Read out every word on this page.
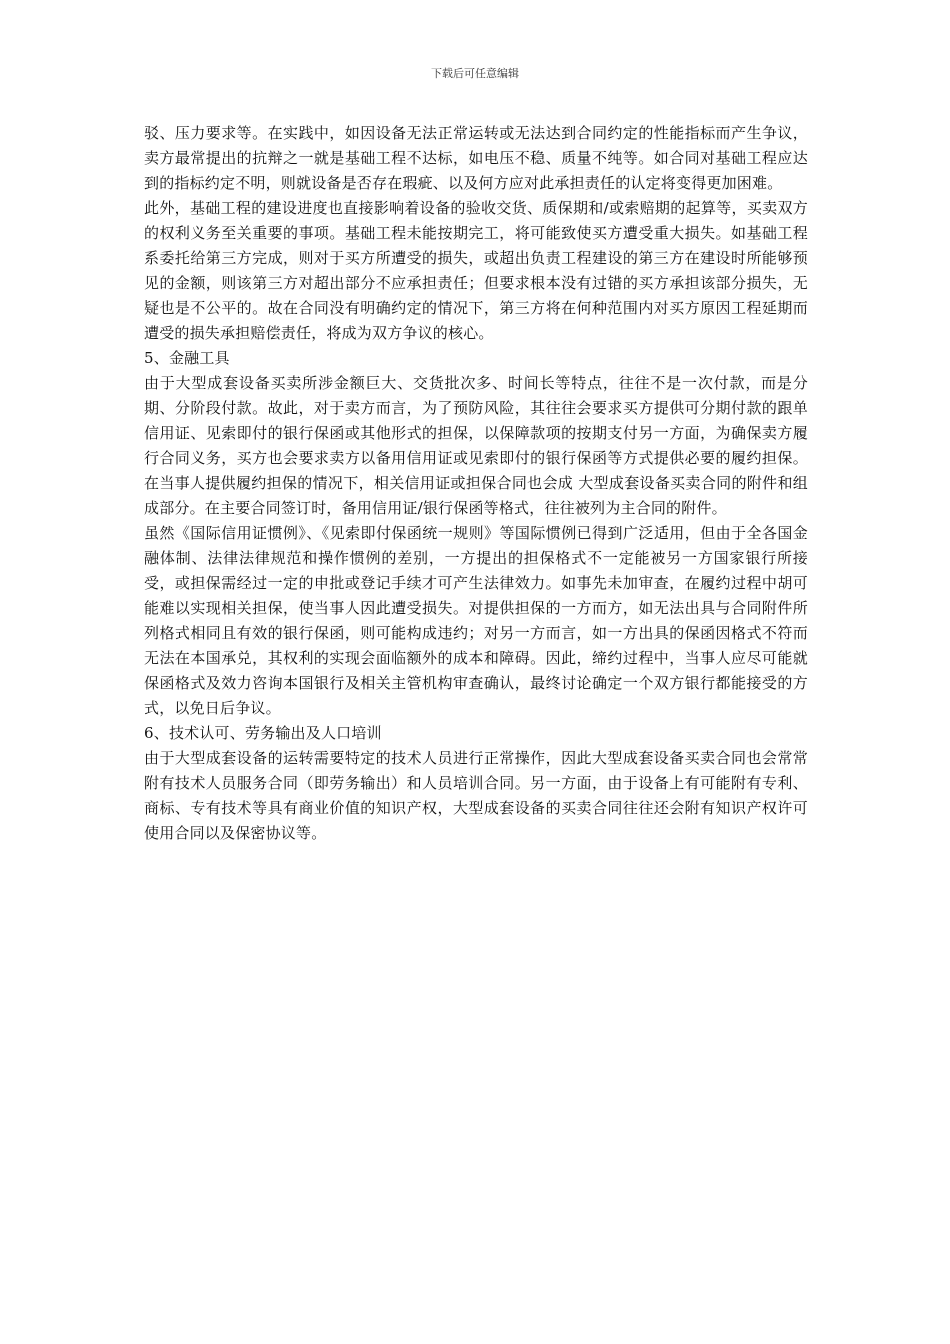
下载后可任意编辑

驳、压力要求等。在实践中，如因设备无法正常运转或无法达到合同约定的性能指标而产生争议，卖方最常提出的抗辩之一就是基础工程不达标，如电压不稳、质量不纯等。如合同对基础工程应达到的指标约定不明，则就设备是否存在瑕疵、以及何方应对此承担责任的认定将变得更加困难。

此外，基础工程的建设进度也直接影响着设备的验收交货、质保期和/或索赔期的起算等，买卖双方的权利义务至关重要的事项。基础工程未能按期完工，将可能致使买方遭受重大损失。如基础工程系委托给第三方完成，则对于买方所遭受的损失，或超出负责工程建设的第三方在建设时所能够预见的金额，则该第三方对超出部分不应承担责任；但要求根本没有过错的买方承担该部分损失，无疑也是不公平的。故在合同没有明确约定的情况下，第三方将在何种范围内对买方原因工程延期而遭受的损失承担赔偿责任，将成为双方争议的核心。

5、金融工具

由于大型成套设备买卖所涉金额巨大、交货批次多、时间长等特点，往往不是一次付款，而是分期、分阶段付款。故此，对于卖方而言，为了预防风险，其往往会要求买方提供可分期付款的跟单信用证、见索即付的银行保函或其他形式的担保，以保障款项的按期支付另一方面，为确保卖方履行合同义务，买方也会要求卖方以备用信用证或见索即付的银行保函等方式提供必要的履约担保。在当事人提供履约担保的情况下，相关信用证或担保合同也会成 大型成套设备买卖合同的附件和组成部分。在主要合同签订时，备用信用证/银行保函等格式，往往被列为主合同的附件。

虽然《国际信用证惯例》、《见索即付保函统一规则》等国际惯例已得到广泛适用，但由于全各国金融体制、法律法律规范和操作惯例的差别，一方提出的担保格式不一定能被另一方国家银行所接受，或担保需经过一定的申批或登记手续才可产生法律效力。如事先未加审查，在履约过程中胡可能难以实现相关担保，使当事人因此遭受损失。对提供担保的一方而方，如无法出具与合同附件所列格式相同且有效的银行保函，则可能构成违约；对另一方而言，如一方出具的保函因格式不符而无法在本国承兑，其权利的实现会面临额外的成本和障碍。因此，缔约过程中，当事人应尽可能就保函格式及效力咨询本国银行及相关主管机构审查确认，最终讨论确定一个双方银行都能接受的方式，以免日后争议。

6、技术认可、劳务输出及人口培训

由于大型成套设备的运转需要特定的技术人员进行正常操作，因此大型成套设备买卖合同也会常常附有技术人员服务合同（即劳务输出）和人员培训合同。另一方面，由于设备上有可能附有专利、商标、专有技术等具有商业价值的知识产权，大型成套设备的买卖合同往往还会附有知识产权许可使用合同以及保密协议等。
